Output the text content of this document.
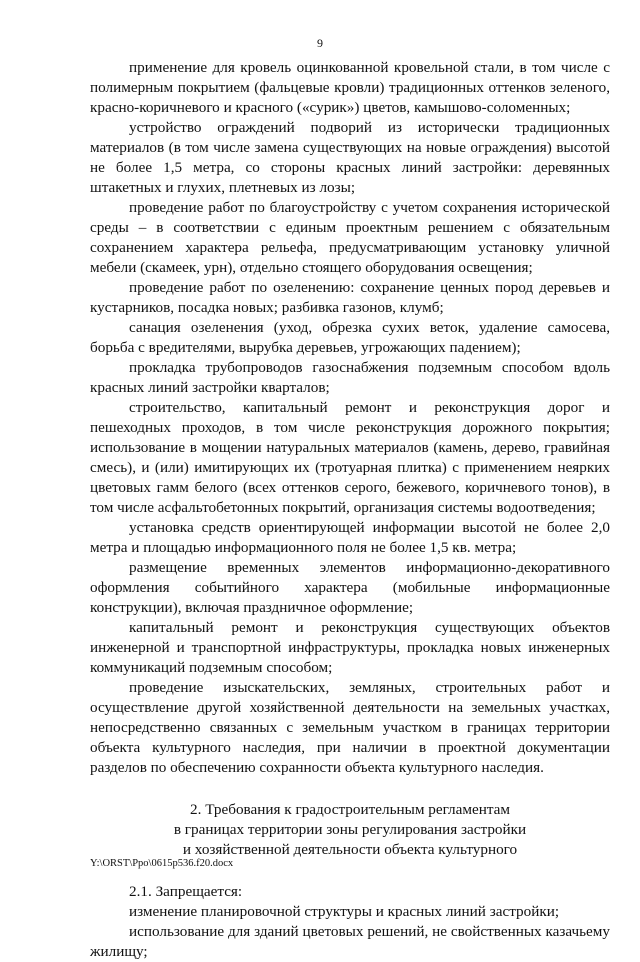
9

применение для кровель оцинкованной кровельной стали, в том числе с полимерным покрытием (фальцевые кровли) традиционных оттенков зеленого, красно-коричневого и красного («сурик») цветов, камышово-соломенных;

устройство ограждений подворий из исторически традиционных материалов (в том числе замена существующих на новые ограждения) высотой не более 1,5 метра, со стороны красных линий застройки: деревянных штакетных и глухих, плетневых из лозы;

проведение работ по благоустройству с учетом сохранения исторической среды – в соответствии с единым проектным решением с обязательным сохранением характера рельефа, предусматривающим установку уличной мебели (скамеек, урн), отдельно стоящего оборудования освещения;

проведение работ по озеленению: сохранение ценных пород деревьев и кустарников, посадка новых; разбивка газонов, клумб;

санация озеленения (уход, обрезка сухих веток, удаление самосева, борьба с вредителями, вырубка деревьев, угрожающих падением);

прокладка трубопроводов газоснабжения подземным способом вдоль красных линий застройки кварталов;

строительство, капитальный ремонт и реконструкция дорог и пешеходных проходов, в том числе реконструкция дорожного покрытия; использование в мощении натуральных материалов (камень, дерево, гравийная смесь), и (или) имитирующих их (тротуарная плитка) с применением неярких цветовых гамм белого (всех оттенков серого, бежевого, коричневого тонов), в том числе асфальтобетонных покрытий, организация системы водоотведения;

установка средств ориентирующей информации высотой не более 2,0 метра и площадью информационного поля не более 1,5 кв. метра;

размещение временных элементов информационно-декоративного оформления событийного характера (мобильные информационные конструкции), включая праздничное оформление;

капитальный ремонт и реконструкция существующих объектов инженерной и транспортной инфраструктуры, прокладка новых инженерных коммуникаций подземным способом;

проведение изыскательских, земляных, строительных работ и осуществление другой хозяйственной деятельности на земельных участках, непосредственно связанных с земельным участком в границах территории объекта культурного наследия, при наличии в проектной документации разделов по обеспечению сохранности объекта культурного наследия.

2. Требования к градостроительным регламентам

в границах территории зоны регулирования застройки

и хозяйственной деятельности объекта культурного

2.1. Запрещается:

изменение планировочной структуры и красных линий застройки;

использование для зданий цветовых решений, не свойственных казачьему жилищу;

Y:\ORST\Ppo\0615p536.f20.docx
